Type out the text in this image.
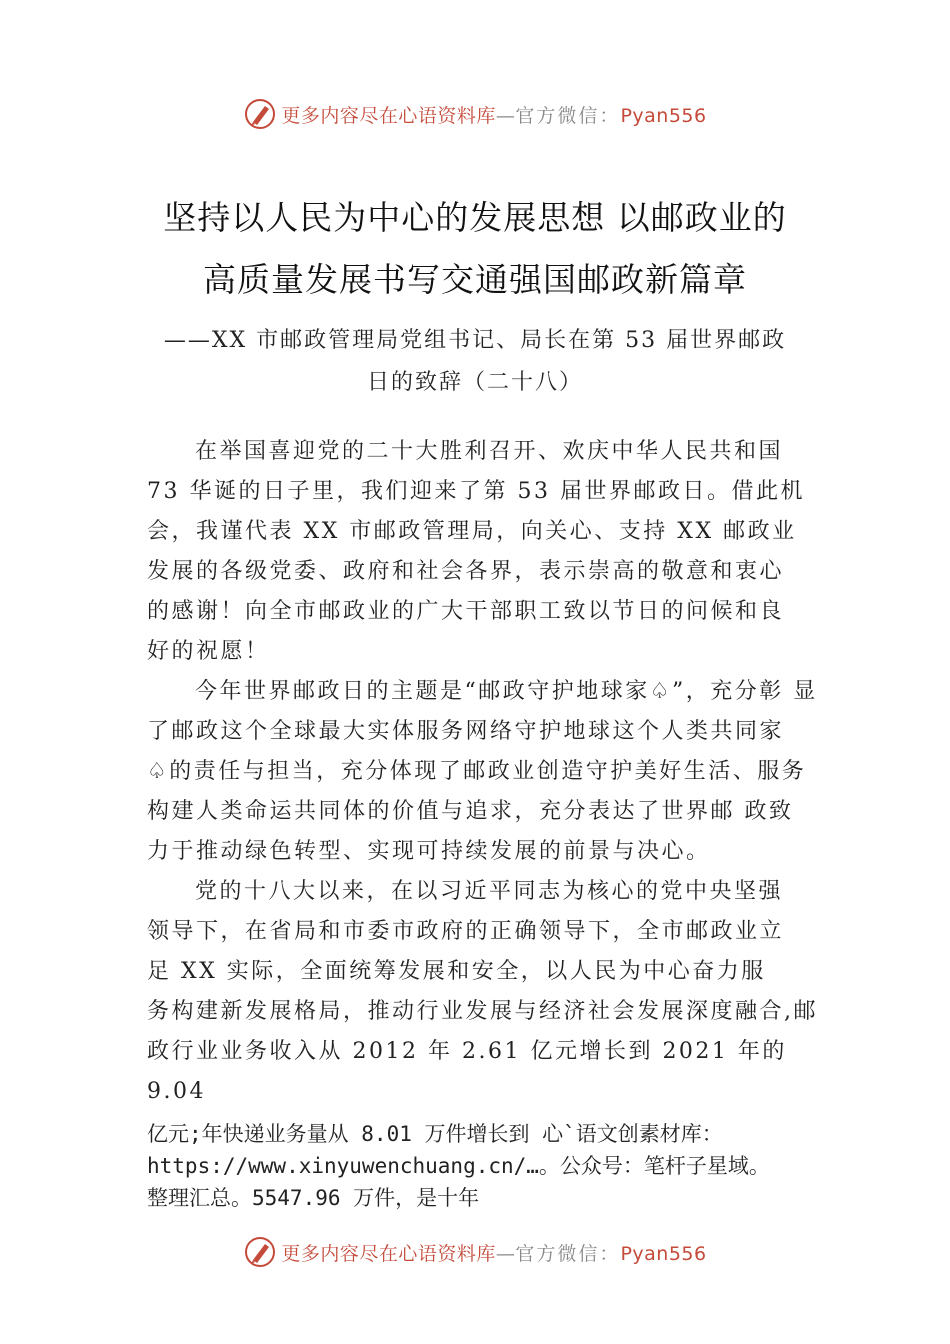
更多内容尽在心语资料库—官方微信：Pyan556
坚持以人民为中心的发展思想 以邮政业的
高质量发展书写交通强国邮政新篇章
——XX 市邮政管理局党组书记、局长在第 53 届世界邮政
日的致辞（二十八）
在举国喜迎党的二十大胜利召开、欢庆中华人民共和国
73 华诞的日子里，我们迎来了第 53 届世界邮政日。借此机
会，我谨代表 XX 市邮政管理局，向关心、支持 XX 邮政业
发展的各级党委、政府和社会各界，表示崇高的敬意和衷心
的感谢！向全市邮政业的广大干部职工致以节日的问候和良
好的祝愿！
今年世界邮政日的主题是“邮政守护地球家♤”，充分彰 显
了邮政这个全球最大实体服务网络守护地球这个人类共同家
♤的责任与担当，充分体现了邮政业创造守护美好生活、服务
构建人类命运共同体的价值与追求，充分表达了世界邮 政致
力于推动绿色转型、实现可持续发展的前景与决心。
党的十八大以来，在以习近平同志为核心的党中央坚强
领导下，在省局和市委市政府的正确领导下，全市邮政业立
足 XX 实际，全面统筹发展和安全，以人民为中心奋力服
务构建新发展格局，推动行业发展与经济社会发展深度融合,邮
政行业业务收入从 2012 年 2.61 亿元增长到 2021 年的
9.04
亿元;年快递业务量从 8.01 万件增长到 心`语文创素材库：
https://www.xinyuwenchuang.cn/…。公众号：笔杆子星域。
整理汇总。5547.96 万件，是十年
更多内容尽在心语资料库—官方微信：Pyan556
